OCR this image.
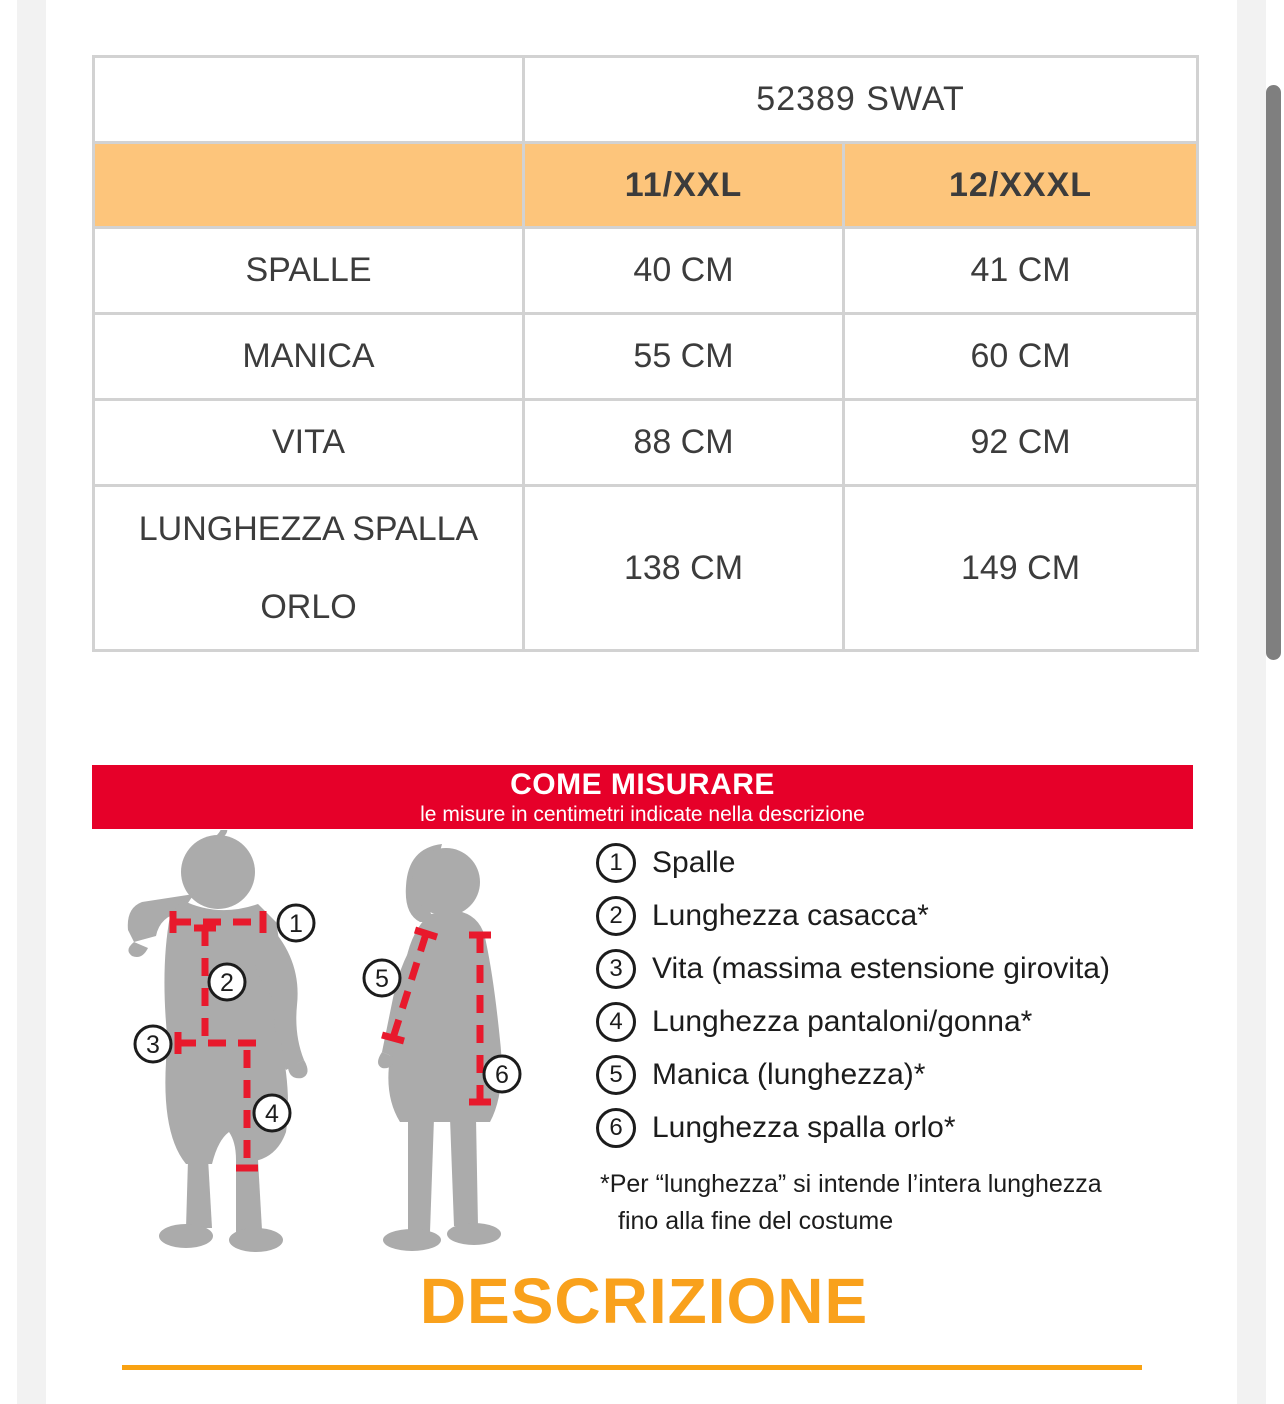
	52389 SWAT	
	11/XXL	12/XXXL
SPALLE	40 CM	41 CM
MANICA	55 CM	60 CM
VITA	88 CM	92 CM
LUNGHEZZA SPALLA ORLO	138 CM	149 CM
COME MISURARE
le misure in centimetri indicate nella descrizione
1
2
3
4
5
6
1 Spalle
2 Lunghezza casacca*
3 Vita (massima estensione girovita)
4 Lunghezza pantaloni/gonna*
5 Manica (lunghezza)*
6 Lunghezza spalla orlo*
*Per “lunghezza” si intende l’intera lunghezza
fino alla fine del costume
DESCRIZIONE
